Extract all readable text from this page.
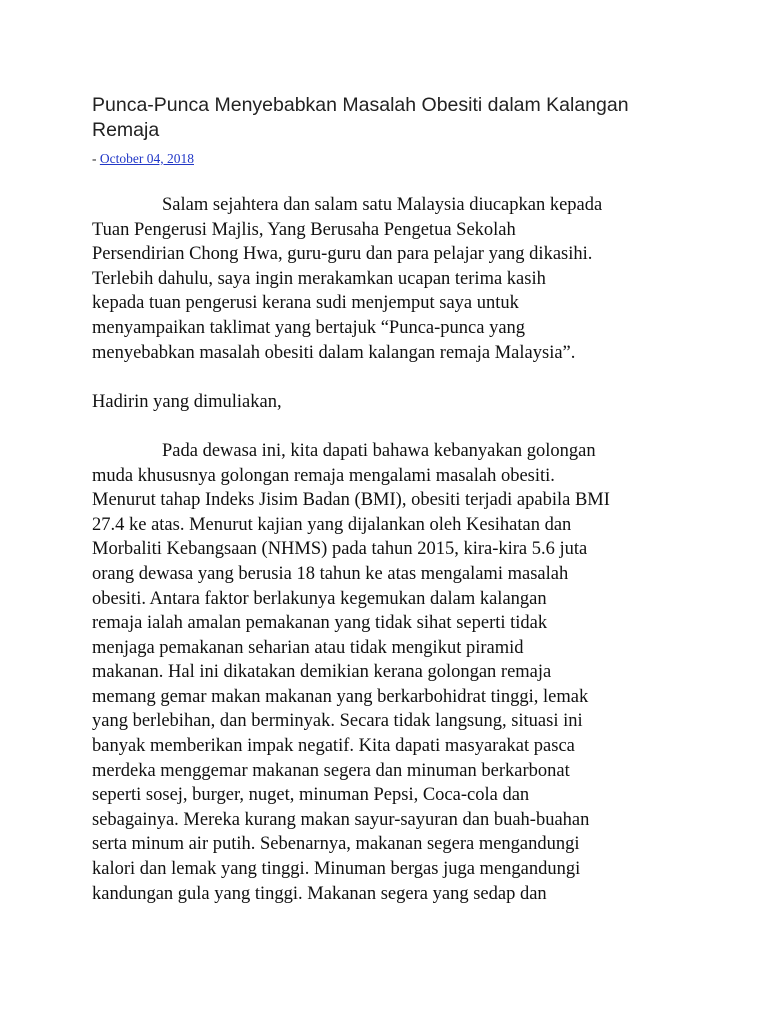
Punca-Punca Menyebabkan Masalah Obesiti dalam Kalangan Remaja
- October 04, 2018

Salam sejahtera dan salam satu Malaysia diucapkan kepada
Tuan Pengerusi Majlis, Yang Berusaha Pengetua Sekolah
Persendirian Chong Hwa, guru-guru dan para pelajar yang dikasihi.
Terlebih dahulu, saya ingin merakamkan ucapan terima kasih
kepada tuan pengerusi kerana sudi menjemput saya untuk
menyampaikan taklimat yang bertajuk “Punca-punca yang
menyebabkan masalah obesiti dalam kalangan remaja Malaysia”.

Hadirin yang dimuliakan,

Pada dewasa ini, kita dapati bahawa kebanyakan golongan
muda khususnya golongan remaja mengalami masalah obesiti.
Menurut tahap Indeks Jisim Badan (BMI), obesiti terjadi apabila BMI
27.4 ke atas. Menurut kajian yang dijalankan oleh Kesihatan dan
Morbaliti Kebangsaan (NHMS) pada tahun 2015, kira-kira 5.6 juta
orang dewasa yang berusia 18 tahun ke atas mengalami masalah
obesiti. Antara faktor berlakunya kegemukan dalam kalangan
remaja ialah amalan pemakanan yang tidak sihat seperti tidak
menjaga pemakanan seharian atau tidak mengikut piramid
makanan. Hal ini dikatakan demikian kerana golongan remaja
memang gemar makan makanan yang berkarbohidrat tinggi, lemak
yang berlebihan, dan berminyak. Secara tidak langsung, situasi ini
banyak memberikan impak negatif. Kita dapati masyarakat pasca
merdeka menggemar makanan segera dan minuman berkarbonat
seperti sosej, burger, nuget, minuman Pepsi, Coca-cola dan
sebagainya. Mereka kurang makan sayur-sayuran dan buah-buahan
serta minum air putih. Sebenarnya, makanan segera mengandungi
kalori dan lemak yang tinggi. Minuman bergas juga mengandungi
kandungan gula yang tinggi. Makanan segera yang sedap dan
